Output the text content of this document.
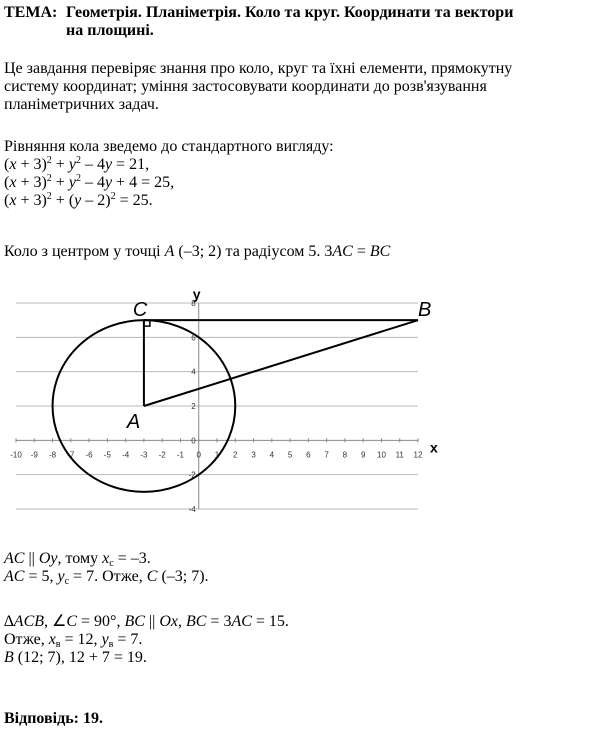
ТЕМА: Геометрія. Планіметрія. Коло та круг. Координати та вектори
на площині.
Це завдання перевіряє знання про коло, круг та їхні елементи, прямокутну
систему координат; уміння застосовувати координати до розв'язування
планіметричних задач.
Рівняння кола зведемо до стандартного вигляду:
$(x + 3)^2 + y^2 - 4y = 21$,
$(x + 3)^2 + y^2 - 4y + 4 = 25$,
$(x + 3)^2 + (y - 2)^2 = 25$.
Коло з центром у точці A (–3; 2) та радіусом 5. 3AC = BC
-4
-2
0
2
4
6
8
-10 -9 -8 -7 -6 -5 -4 -3 -2 -1 0 1 2 3 4 5 6 7 8 9 10 11 12
C	B
A
x
y
AC || Oy, тому $x_c = -3$.
AC = 5, $y_c = 7$. Отже, C (–3; 7).
∆ACB, ∠C = 90°, BC || Ox, BC = 3AC = 15.
Отже, $x_в = 12$, $y_в = 7$.
B (12; 7), 12 + 7 = 19.
Відповідь: 19.
